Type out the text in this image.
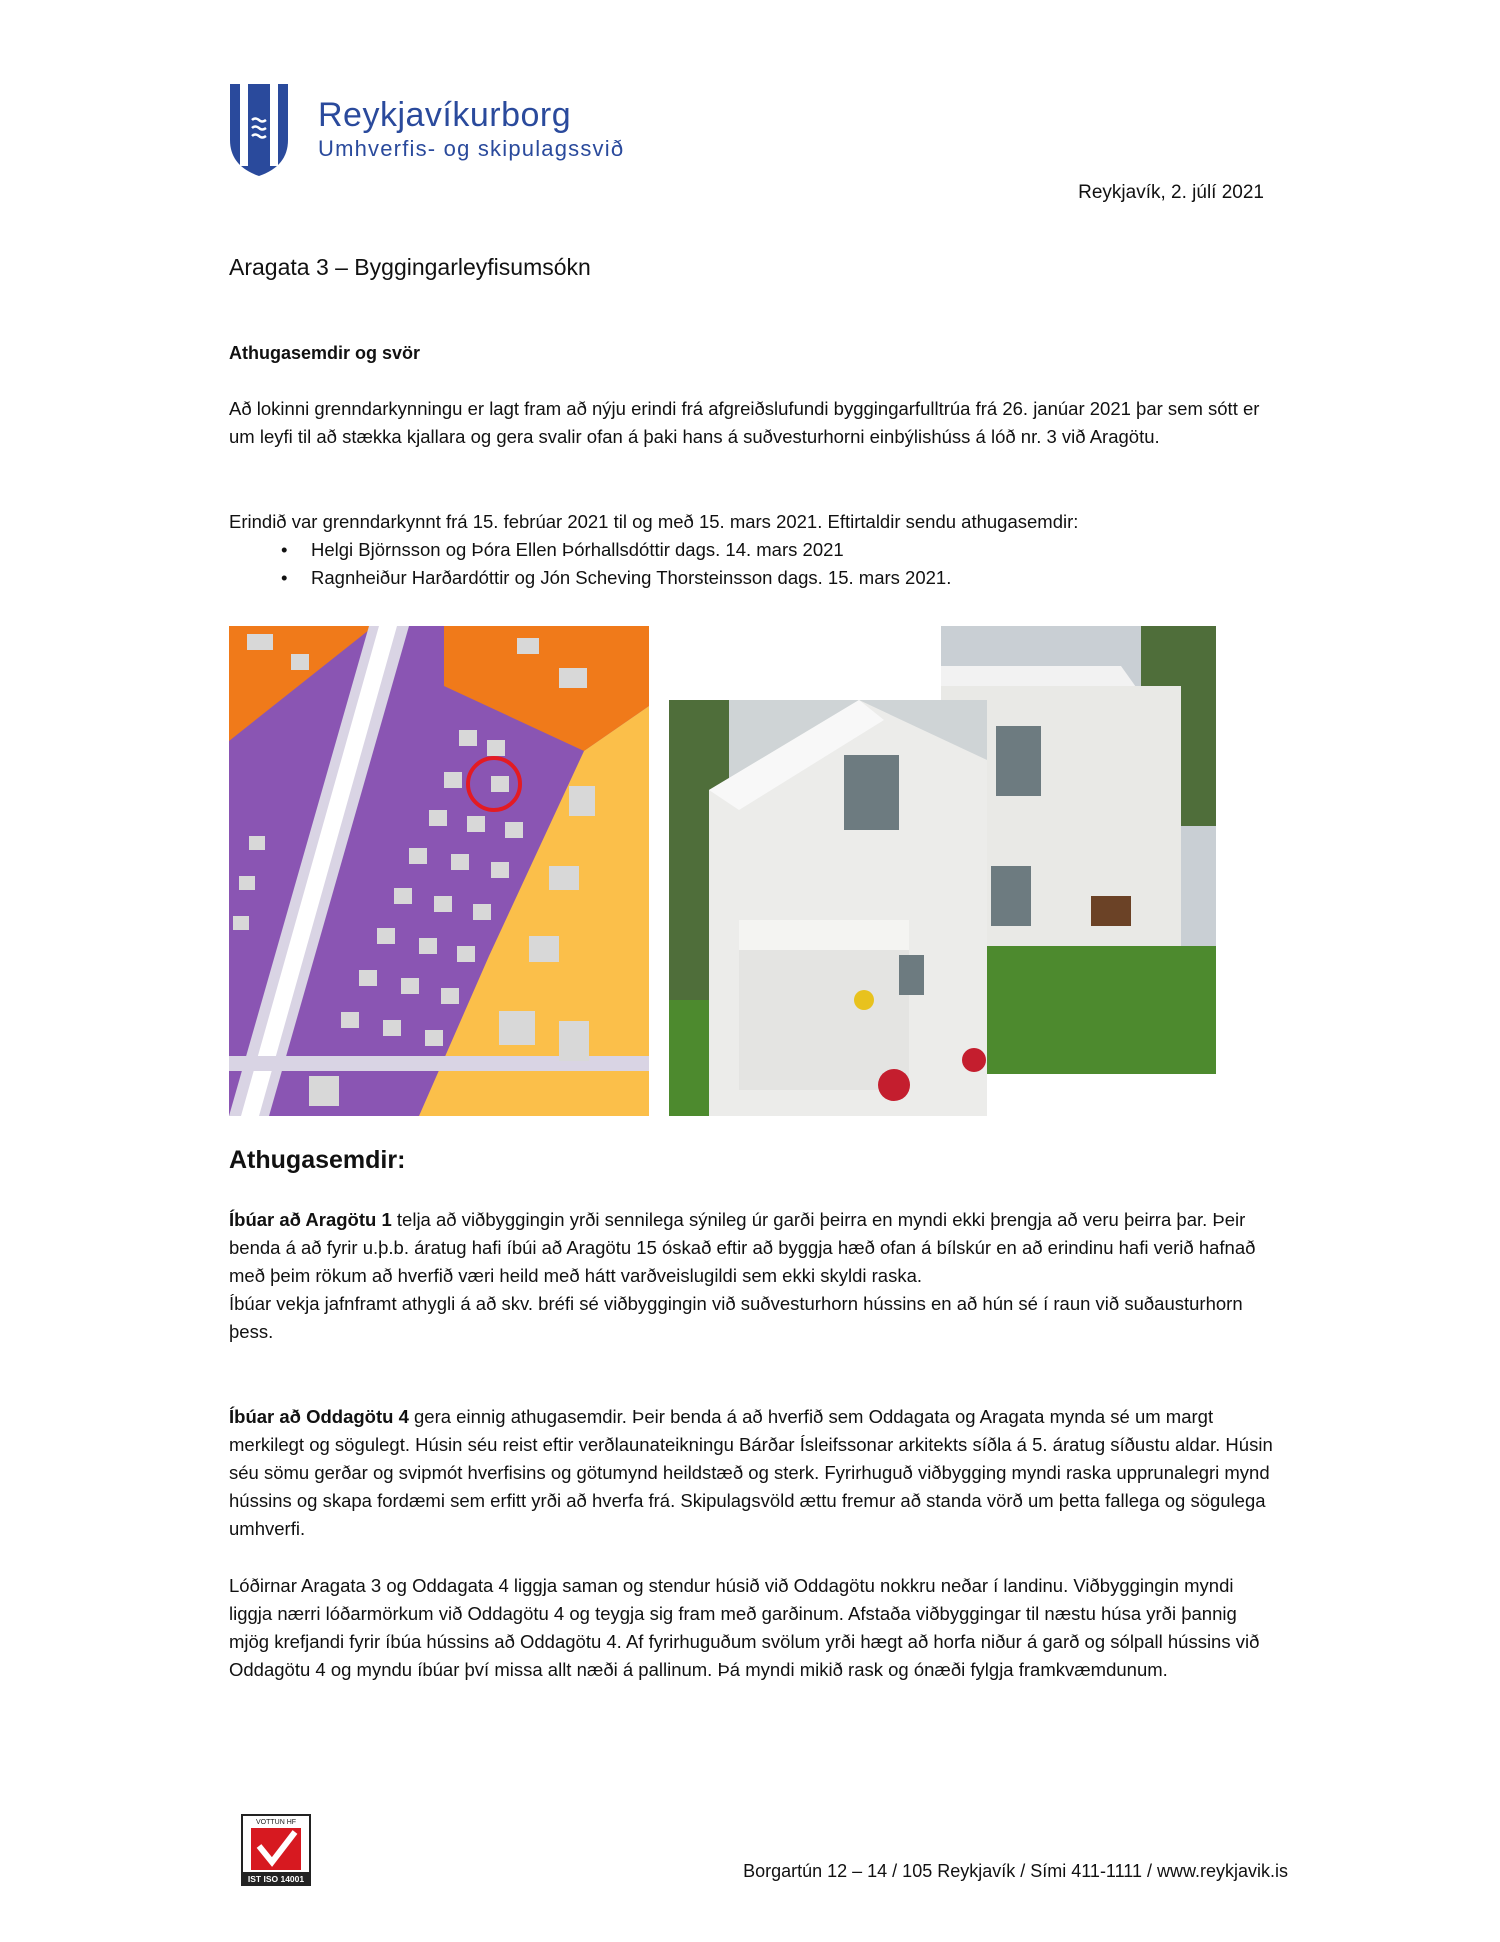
Reykjavíkurborg
Umhverfis- og skipulagssvið
Reykjavík, 2. júlí 2021
Aragata 3 – Byggingarleyfisumsókn
Athugasemdir og svör
Að lokinni grenndarkynningu er lagt fram að nýju erindi frá afgreiðslufundi byggingarfulltrúa frá 26. janúar 2021 þar sem sótt er um leyfi til að stækka kjallara og gera svalir ofan á þaki hans á suðvesturhorni einbýlishúss á lóð nr. 3 við Aragötu.
Erindið var grenndarkynnt frá 15. febrúar 2021 til og með 15. mars 2021. Eftirtaldir sendu athugasemdir:
• Helgi Björnsson og Þóra Ellen Þórhallsdóttir dags. 14. mars 2021
• Ragnheiður Harðardóttir og Jón Scheving Thorsteinsson dags. 15. mars 2021.
Athugasemdir:
Íbúar að Aragötu 1 telja að viðbyggingin yrði sennilega sýnileg úr garði þeirra en myndi ekki þrengja að veru þeirra þar. Þeir benda á að fyrir u.þ.b. áratug hafi íbúi að Aragötu 15 óskað eftir að byggja hæð ofan á bílskúr en að erindinu hafi verið hafnað með þeim rökum að hverfið væri heild með hátt varðveislugildi sem ekki skyldi raska.
Íbúar vekja jafnframt athygli á að skv. bréfi sé viðbyggingin við suðvesturhorn hússins en að hún sé í raun við suðausturhorn þess.
Íbúar að Oddagötu 4 gera einnig athugasemdir. Þeir benda á að hverfið sem Oddagata og Aragata mynda sé um margt merkilegt og sögulegt. Húsin séu reist eftir verðlaunateikningu Bárðar Ísleifssonar arkitekts síðla á 5. áratug síðustu aldar. Húsin séu sömu gerðar og svipmót hverfisins og götumynd heildstæð og sterk. Fyrirhuguð viðbygging myndi raska upprunalegri mynd hússins og skapa fordæmi sem erfitt yrði að hverfa frá. Skipulagsvöld ættu fremur að standa vörð um þetta fallega og sögulega umhverfi.
Lóðirnar Aragata 3 og Oddagata 4 liggja saman og stendur húsið við Oddagötu nokkru neðar í landinu. Viðbyggingin myndi liggja nærri lóðarmörkum við Oddagötu 4 og teygja sig fram með garðinum. Afstaða viðbyggingar til næstu húsa yrði þannig mjög krefjandi fyrir íbúa hússins að Oddagötu 4. Af fyrirhuguðum svölum yrði hægt að horfa niður á garð og sólpall hússins við Oddagötu 4 og myndu íbúar því missa allt næði á pallinum. Þá myndi mikið rask og ónæði fylgja framkvæmdunum.
VOTTUN HF
IST ISO 14001	Borgartún 12 – 14 / 105 Reykjavík / Sími 411-1111 / www.reykjavik.is
